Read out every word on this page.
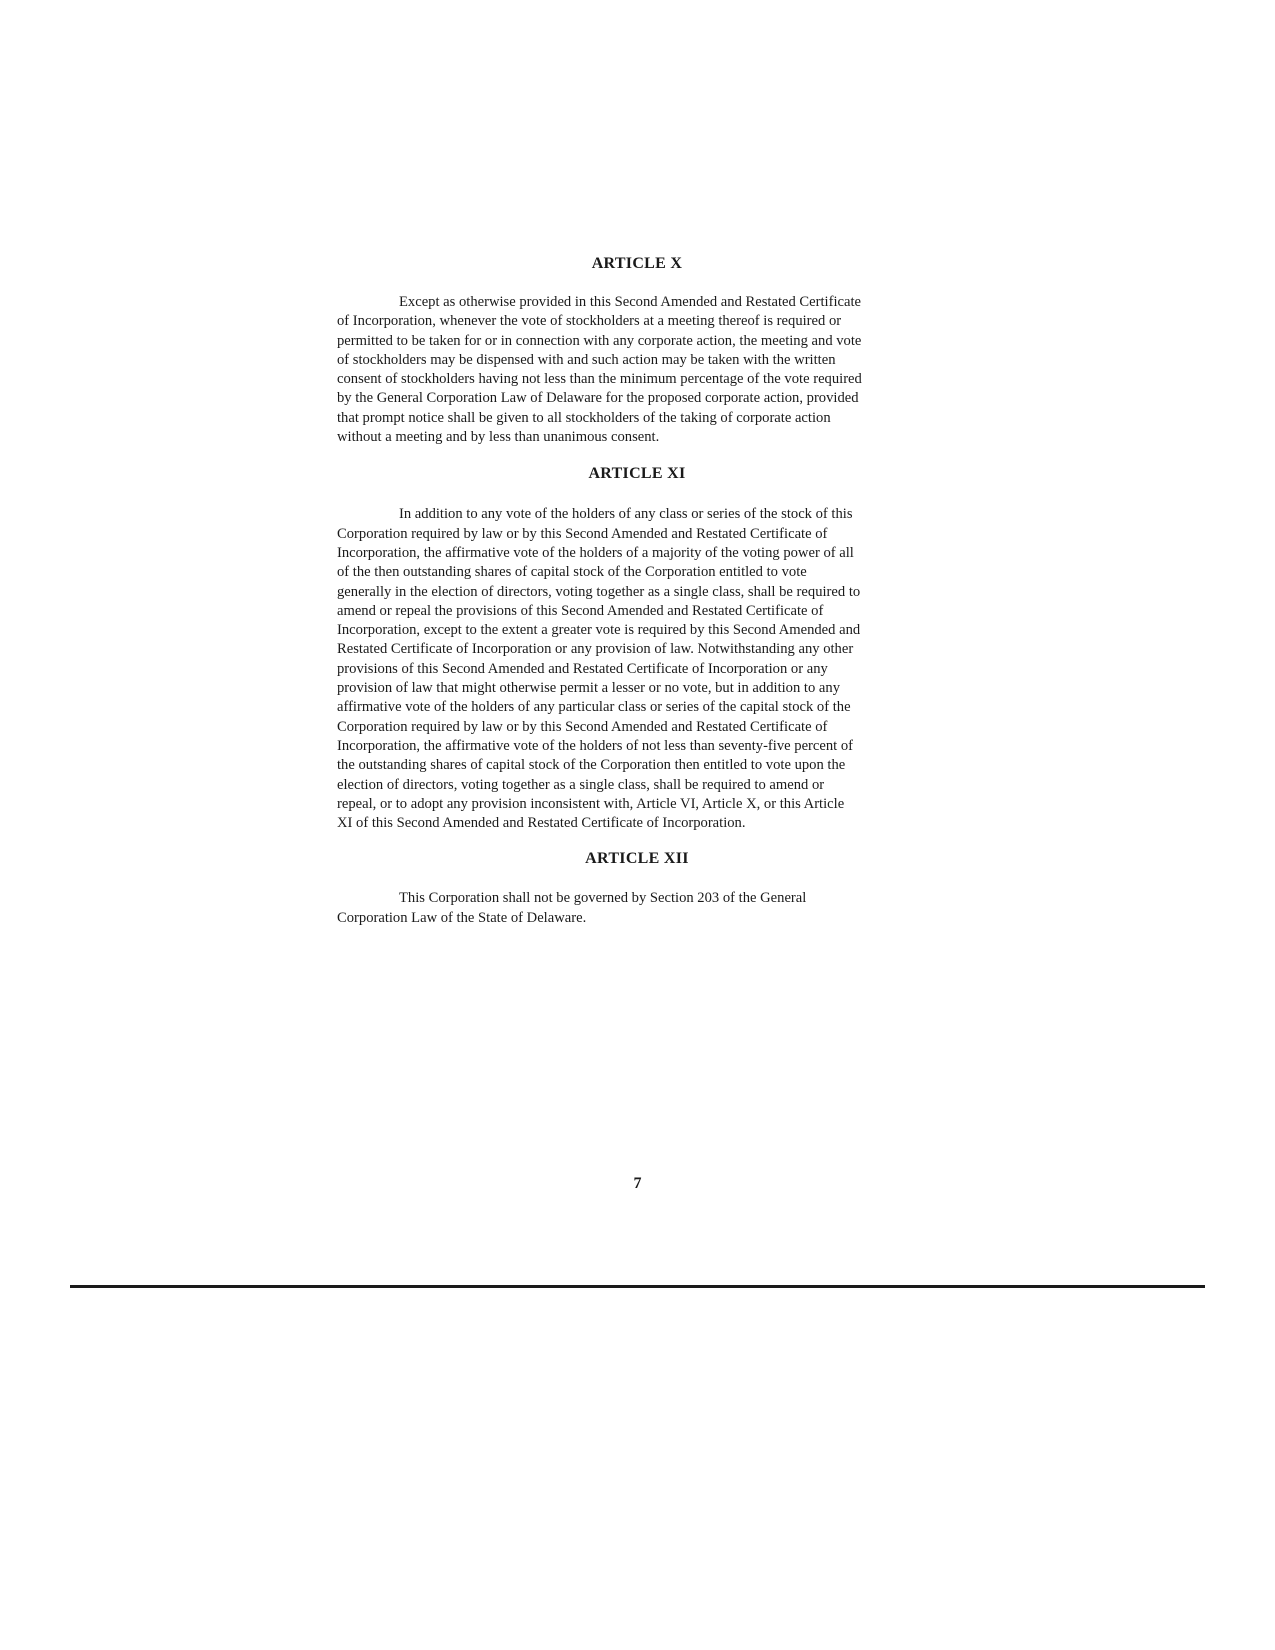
ARTICLE X

Except as otherwise provided in this Second Amended and Restated Certificate

of Incorporation, whenever the vote of stockholders at a meeting thereof is required or

permitted to be taken for or in connection with any corporate action, the meeting and vote

of stockholders may be dispensed with and such action may be taken with the written

consent of stockholders having not less than the minimum percentage of the vote required

by the General Corporation Law of Delaware for the proposed corporate action, provided

that prompt notice shall be given to all stockholders of the taking of corporate action

without a meeting and by less than unanimous consent.

ARTICLE XI

In addition to any vote of the holders of any class or series of the stock of this

Corporation required by law or by this Second Amended and Restated Certificate of

Incorporation, the affirmative vote of the holders of a majority of the voting power of all

of the then outstanding shares of capital stock of the Corporation entitled to vote

generally in the election of directors, voting together as a single class, shall be required to

amend or repeal the provisions of this Second Amended and Restated Certificate of

Incorporation, except to the extent a greater vote is required by this Second Amended and

Restated Certificate of Incorporation or any provision of law. Notwithstanding any other

provisions of this Second Amended and Restated Certificate of Incorporation or any

provision of law that might otherwise permit a lesser or no vote, but in addition to any

affirmative vote of the holders of any particular class or series of the capital stock of the

Corporation required by law or by this Second Amended and Restated Certificate of

Incorporation, the affirmative vote of the holders of not less than seventy-five percent of

the outstanding shares of capital stock of the Corporation then entitled to vote upon the

election of directors, voting together as a single class, shall be required to amend or

repeal, or to adopt any provision inconsistent with, Article VI, Article X, or this Article

XI of this Second Amended and Restated Certificate of Incorporation.

ARTICLE XII

This Corporation shall not be governed by Section 203 of the General

Corporation Law of the State of Delaware.

7
